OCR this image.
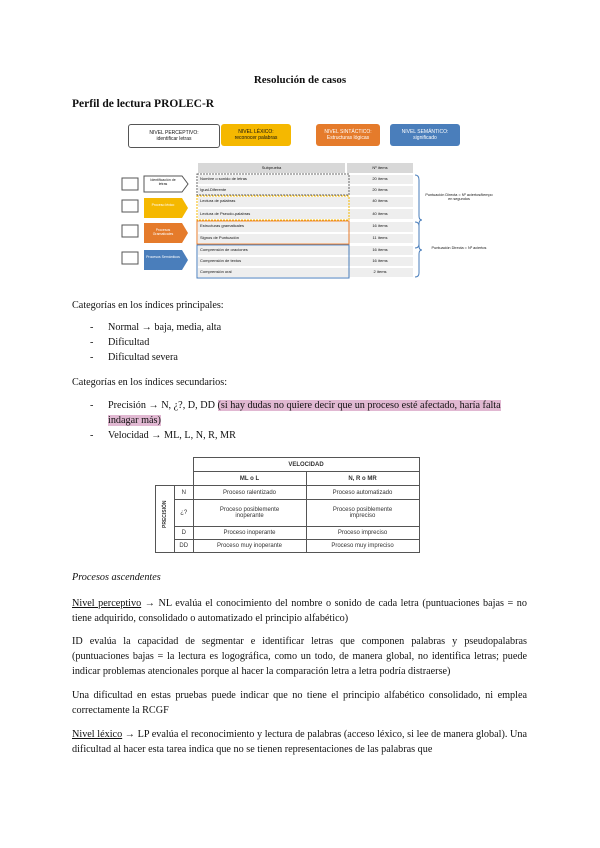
Resolución de casos
Perfil de lectura PROLEC-R
NIVEL PERCEPTIVO:
identificar letras
NIVEL LÉXICO:
reconocer palabras
NIVEL SINTÁCTICO:
Estructuras lógicas
NIVEL SEMÁNTICO:
significado
Subprueba	Nº ítems
Identificación de letras
Proceso léxico
Procesos Gramaticales
Procesos Semánticos
Nombre o sonido de letras	20 ítems
Igual-Diferente	20 ítems
Lectura de palabras	40 ítems
Lectura de Pseudo-palabras	40 ítems
Estructuras gramaticales	16 ítems
Signos de Puntuación	11 ítems
Comprensión de oraciones	16 ítems
Comprensión de textos	16 ítems
Comprensión oral	2 ítems
Puntuación Directa = Nº aciertos/tiempo en segundos
Puntuación Directa = Nº aciertos
Categorías en los índices principales:
- Normal → baja, media, alta
- Dificultad
- Dificultad severa
Categorías en los índices secundarios:
- Precisión → N, ¿?, D, DD (si hay dudas no quiere decir que un proceso esté afectado, haría falta indagar más)
- Velocidad → ML, L, N, R, MR
		VELOCIDAD	
		ML o L	N, R o MR

PRECISIÓN	N	Proceso ralentizado	Proceso automatizado
	¿?	Proceso posiblemente inoperante	Proceso posiblemente impreciso
	D	Proceso inoperante	Proceso impreciso
	DD	Proceso muy inoperante	Proceso muy impreciso
Procesos ascendentes
Nivel perceptivo → NL evalúa el conocimiento del nombre o sonido de cada letra (puntuaciones bajas = no tiene adquirido, consolidado o automatizado el principio alfabético)
ID evalúa la capacidad de segmentar e identificar letras que componen palabras y pseudopalabras (puntuaciones bajas = la lectura es logográfica, como un todo, de manera global, no identifica letras; puede indicar problemas atencionales porque al hacer la comparación letra a letra podría distraerse)
Una dificultad en estas pruebas puede indicar que no tiene el principio alfabético consolidado, ni emplea correctamente la RCGF
Nivel léxico → LP evalúa el reconocimiento y lectura de palabras (acceso léxico, si lee de manera global). Una dificultad al hacer esta tarea indica que no se tienen representaciones de las palabras que
